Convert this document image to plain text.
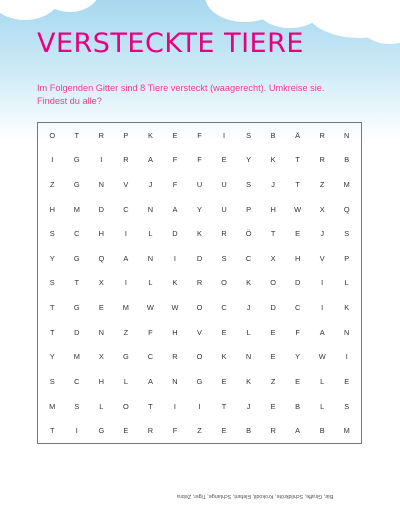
VERSTECKTE TIERE

Im Folgenden Gitter sind 8 Tiere versteckt (waagerecht). Umkreise sie.
Findest du alle?

O	T	R	P	K	E	F	I	S	B	Ä	R	N
I	G	I	R	A	F	F	E	Y	K	T	R	B
Z	G	N	V	J	F	U	U	S	J	T	Z	M
H	M	D	C	N	A	Y	U	P	H	W	X	Q
S	C	H	I	L	D	K	R	Ö	T	E	J	S
Y	G	Q	A	N	I	D	S	C	X	H	V	P
S	T	X	I	L	K	R	O	K	O	D	I	L
T	G	E	M	W	W	O	C	J	D	C	I	K
T	D	N	Z	F	H	V	E	L	E	F	A	N
Y	M	X	G	C	R	O	K	N	E	Y	W	I
S	C	H	L	A	N	G	E	K	Z	E	L	E
M	S	L	O	T	I	I	T	J	E	B	L	S
T	I	G	E	R	F	Z	E	B	R	A	B	M
Bär, Giraffe, Schildkröte, Krokodil, Elefant, Schlange, Tiger, Zebra
